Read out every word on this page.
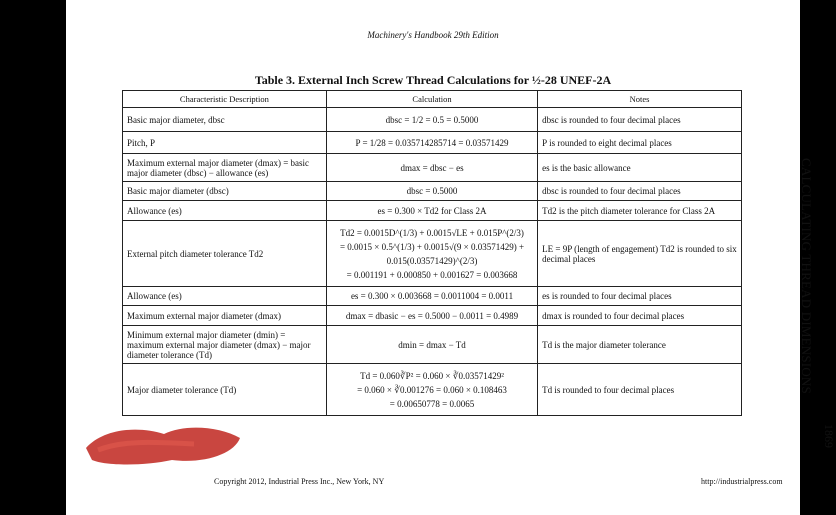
Machinery's Handbook 29th Edition
Table 3. External Inch Screw Thread Calculations for ½-28 UNEF-2A
CALCULATING THREAD DIMENSIONS
1869
Copyright 2012, Industrial Press Inc., New York, NY	http://industrialpress.com
Characteristic Description	Calculation	Notes
Basic major diameter, dbsc	dbsc = 1/2 = 0.5 = 0.5000	dbsc is rounded to four decimal places
Pitch, P	P = 1/28 = 0.035714285714 = 0.03571429	P is rounded to eight decimal places
Maximum external major diameter (dmax) = basic major diameter (dbsc) − allowance (es)	dmax = dbsc − es	es is the basic allowance
Basic major diameter (dbsc)	dbsc = 0.5000	dbsc is rounded to four decimal places
Allowance (es)	es = 0.300 × Td2 for Class 2A	Td2 is the pitch diameter tolerance for Class 2A
External pitch diameter tolerance Td2	Td2 = 0.0015D^(1/3) + 0.0015√LE + 0.015P^(2/3)
= 0.0015 × 0.5^(1/3) + 0.0015√(9 × 0.03571429) + 0.015(0.03571429)^(2/3)
= 0.001191 + 0.000850 + 0.001627 = 0.003668	LE = 9P (length of engagement) Td2 is rounded to six decimal places
Allowance (es)	es = 0.300 × 0.003668 = 0.0011004 = 0.0011	es is rounded to four decimal places
Maximum external major diameter (dmax)	dmax = dbasic − es = 0.5000 − 0.0011 = 0.4989	dmax is rounded to four decimal places
Minimum external major diameter (dmin) = maximum external major diameter (dmax) − major diameter tolerance (Td)	dmin = dmax − Td	Td is the major diameter tolerance
Major diameter tolerance (Td)	Td = 0.060∛P² = 0.060 × ∛0.03571429²
= 0.060 × ∛0.001276 = 0.060 × 0.108463
= 0.00650778 = 0.0065	Td is rounded to four decimal places
